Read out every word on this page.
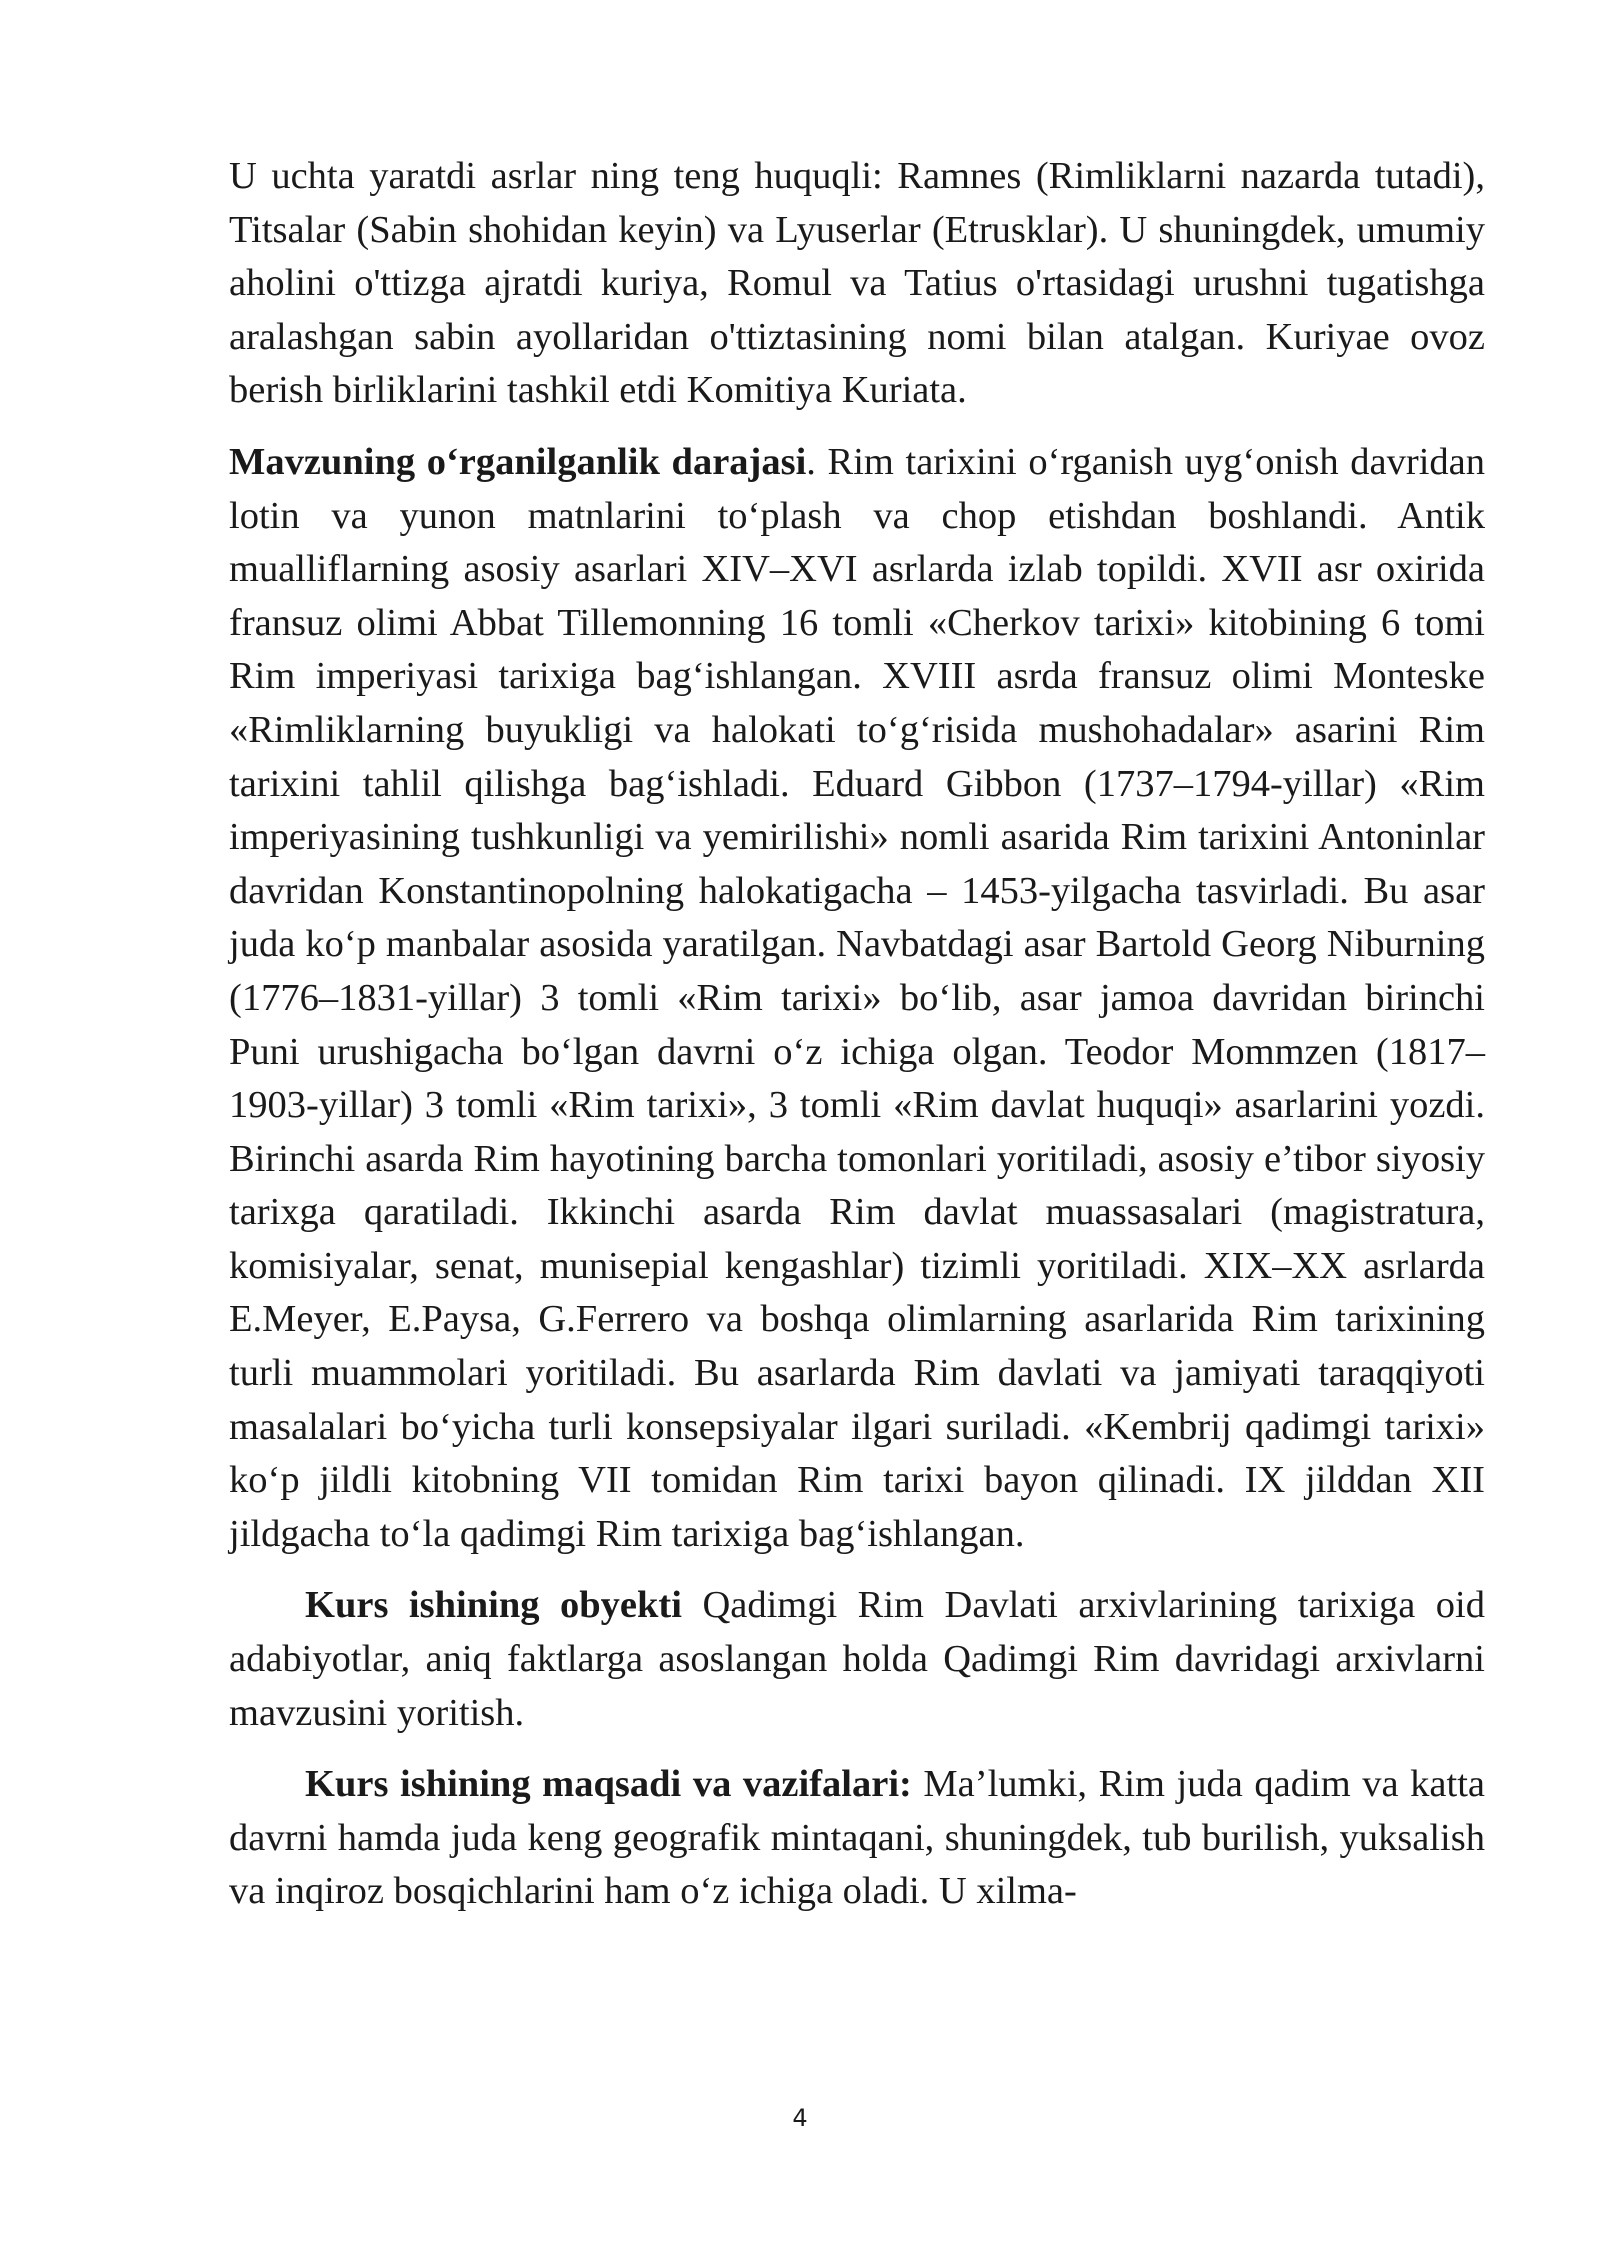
U uchta yaratdi asrlar ning teng huquqli: Ramnes (Rimliklarni nazarda tutadi), Titsalar (Sabin shohidan keyin) va Lyuserlar (Etrusklar). U shuningdek, umumiy aholini o'ttizga ajratdi kuriya, Romul va Tatius o'rtasidagi urushni tugatishga aralashgan sabin ayollaridan o'ttiztasining nomi bilan atalgan. Kuriyae ovoz berish birliklarini tashkil etdi Komitiya Kuriata.

Mavzuning o‘rganilganlik darajasi. Rim tarixini o‘rganish uyg‘onish davridan lotin va yunon matnlarini to‘plash va chop etishdan boshlandi. Antik mualliflarning asosiy asarlari XIV–XVI asrlarda izlab topildi. XVII asr oxirida fransuz olimi Abbat Tillemonning 16 tomli «Cherkov tarixi» kitobining 6 tomi Rim imperiyasi tarixiga bag‘ishlangan. XVIII asrda fransuz olimi Monteske «Rimliklarning buyukligi va halokati to‘g‘risida mushohadalar» asarini Rim tarixini tahlil qilishga bag‘ishladi. Eduard Gibbon (1737–1794-yillar) «Rim imperiyasining tushkunligi va yemirilishi» nomli asarida Rim tarixini Antoninlar davridan Konstantinopolning halokatigacha – 1453-yilgacha tasvirladi. Bu asar juda ko‘p manbalar asosida yaratilgan. Navbatdagi asar Bartold Georg Niburning (1776–1831-yillar) 3 tomli «Rim tarixi» bo‘lib, asar jamoa davridan birinchi Puni urushigacha bo‘lgan davrni o‘z ichiga olgan. Teodor Mommzen (1817–1903-yillar) 3 tomli «Rim tarixi», 3 tomli «Rim davlat huquqi» asarlarini yozdi. Birinchi asarda Rim hayotining barcha tomonlari yoritiladi, asosiy e’tibor siyosiy tarixga qaratiladi. Ikkinchi asarda Rim davlat muassasalari (magistratura, komisiyalar, senat, munisepial kengashlar) tizimli yoritiladi. XIX–XX asrlarda E.Meyer, E.Paysa, G.Ferrero va boshqa olimlarning asarlarida Rim tarixining turli muammolari yoritiladi. Bu asarlarda Rim davlati va jamiyati taraqqiyoti masalalari bo‘yicha turli konsepsiyalar ilgari suriladi. «Kembrij qadimgi tarixi» ko‘p jildli kitobning VII tomidan Rim tarixi bayon qilinadi. IX jilddan XII jildgacha to‘la qadimgi Rim tarixiga bag‘ishlangan.

Kurs ishining obyekti Qadimgi Rim Davlati arxivlarining tarixiga oid adabiyotlar, aniq faktlarga asoslangan holda Qadimgi Rim davridagi arxivlarni mavzusini yoritish.

Kurs ishining maqsadi va vazifalari: Ma’lumki, Rim juda qadim va katta davrni hamda juda keng geografik mintaqani, shuningdek, tub burilish, yuksalish va inqiroz bosqichlarini ham o‘z ichiga oladi. U xilma-

4
